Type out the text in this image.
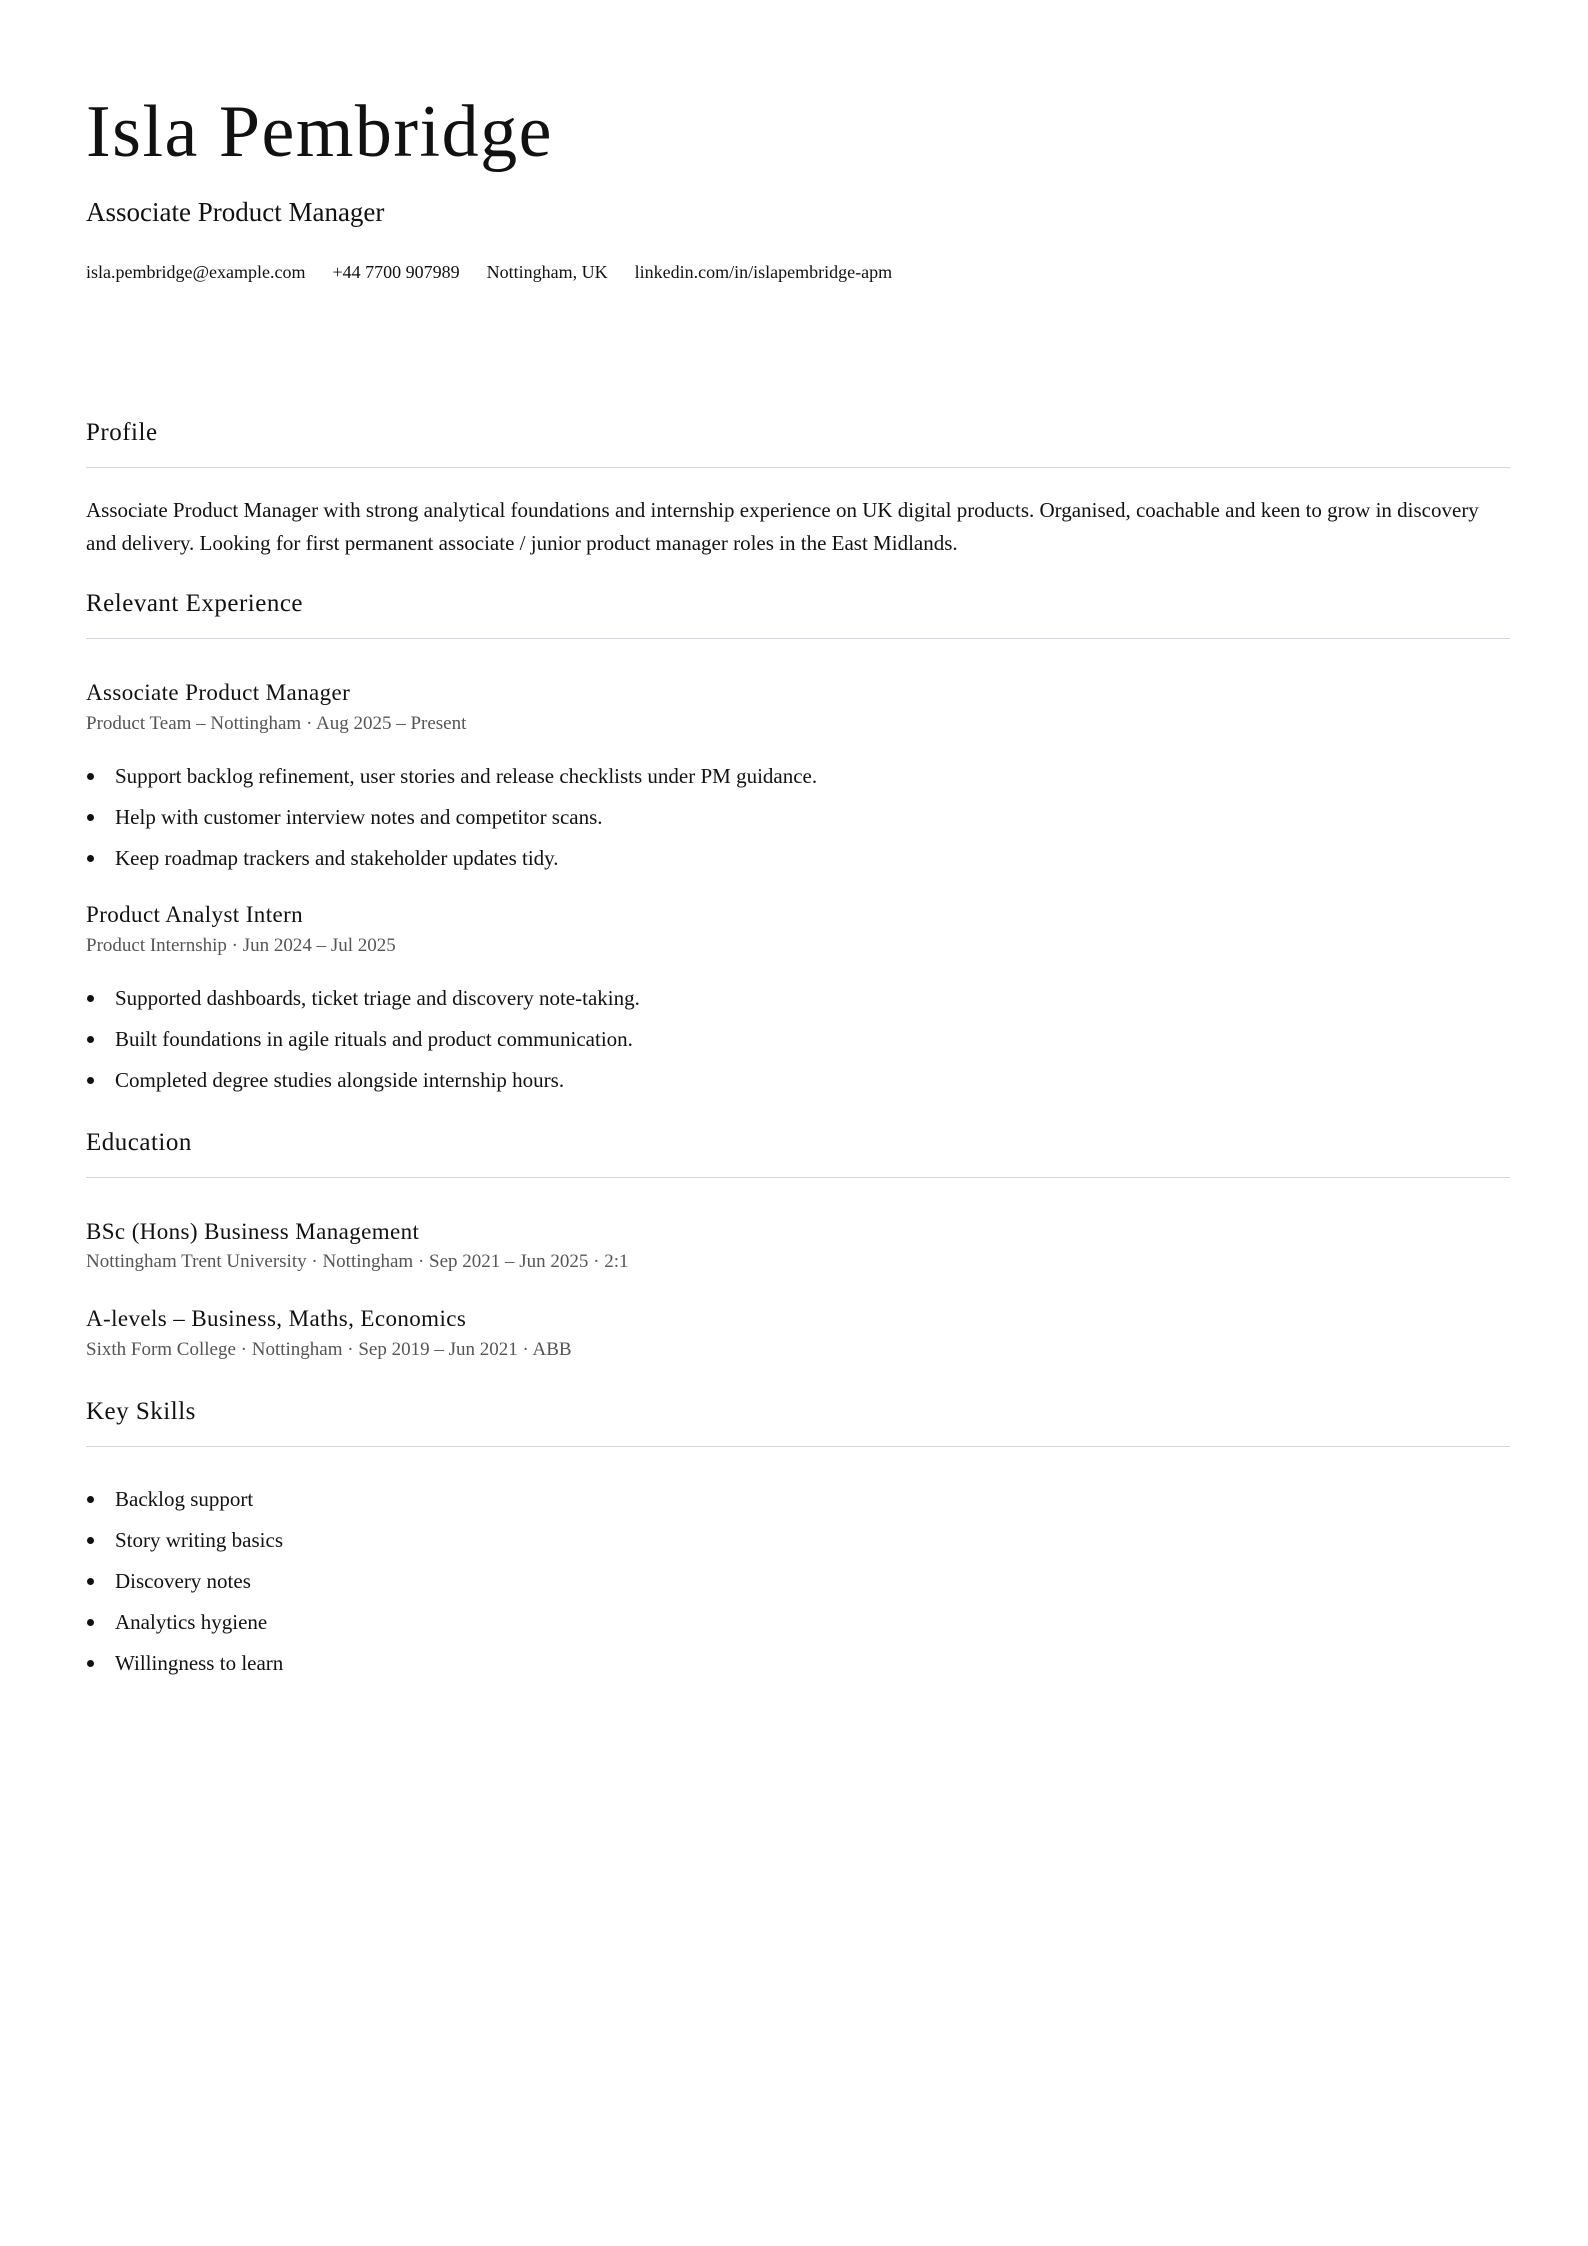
Isla Pembridge
Associate Product Manager
isla.pembridge@example.com +44 7700 907989 Nottingham, UK linkedin.com/in/islapembridge-apm
Profile
Associate Product Manager with strong analytical foundations and internship experience on UK digital products. Organised, coachable and keen to grow in discovery and delivery. Looking for first permanent associate / junior product manager roles in the East Midlands.
Relevant Experience
Associate Product Manager
Product Team – Nottingham · Aug 2025 – Present
Support backlog refinement, user stories and release checklists under PM guidance.
Help with customer interview notes and competitor scans.
Keep roadmap trackers and stakeholder updates tidy.
Product Analyst Intern
Product Internship · Jun 2024 – Jul 2025
Supported dashboards, ticket triage and discovery note-taking.
Built foundations in agile rituals and product communication.
Completed degree studies alongside internship hours.
Education
BSc (Hons) Business Management
Nottingham Trent University · Nottingham · Sep 2021 – Jun 2025 · 2:1
A-levels – Business, Maths, Economics
Sixth Form College · Nottingham · Sep 2019 – Jun 2021 · ABB
Key Skills
Backlog support
Story writing basics
Discovery notes
Analytics hygiene
Willingness to learn
